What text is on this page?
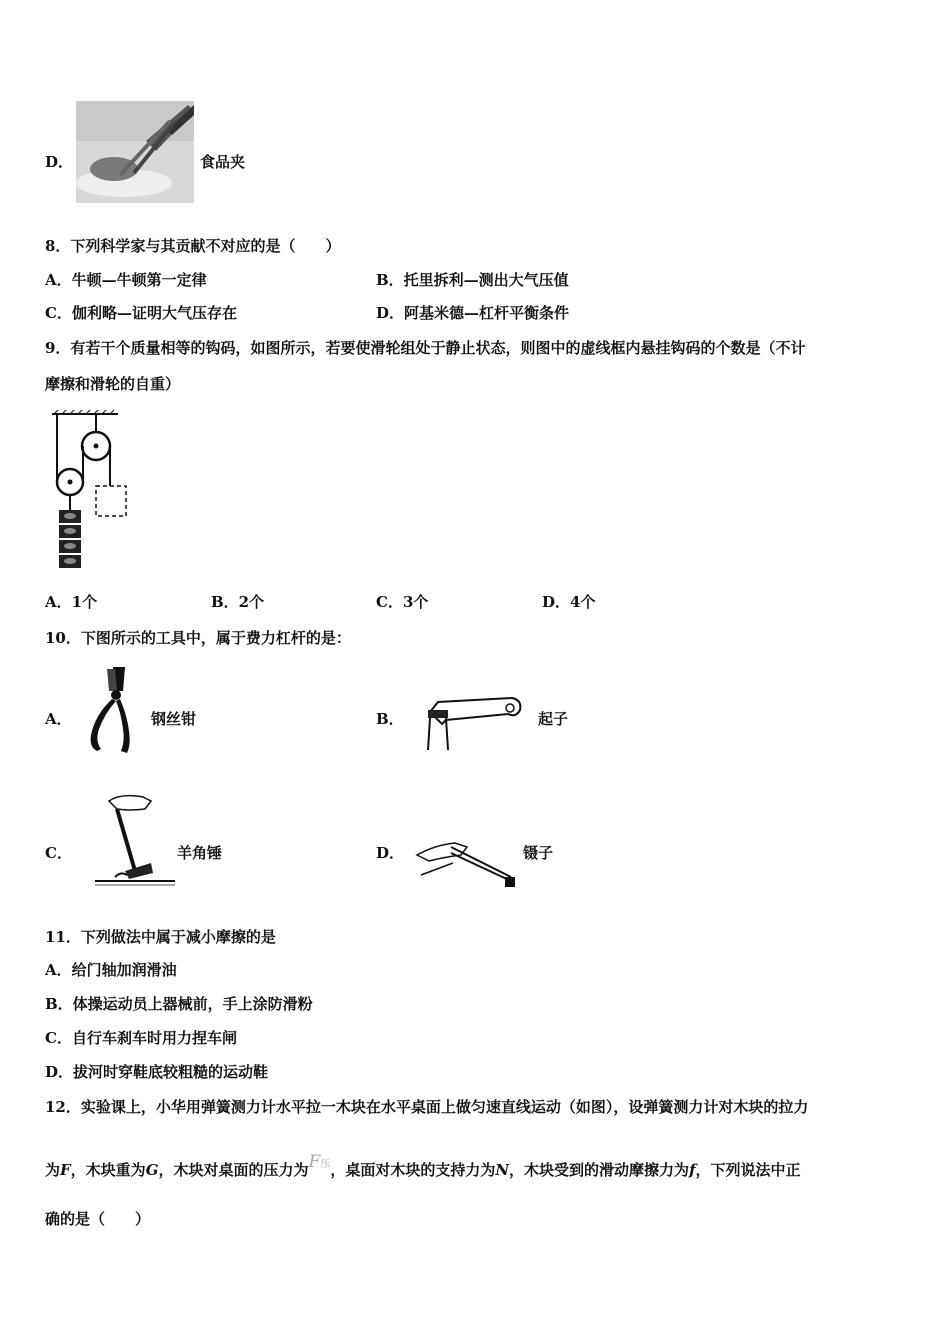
D．	食品夹
8．下列科学家与其贡献不对应的是（　　）
A．牛顿—牛顿第一定律	B．托里拆利—测出大气压值
C．伽利略—证明大气压存在	D．阿基米德—杠杆平衡条件
9．有若干个质量相等的钩码，如图所示，若要使滑轮组处于静止状态，则图中的虚线框内悬挂钩码的个数是（不计
摩擦和滑轮的自重）
A．1个	B．2个	C．3个	D．4个
10．下图所示的工具中，属于费力杠杆的是：
A．	钢丝钳	B．	起子
C．	羊角锤	D．	镊子
11．下列做法中属于减小摩擦的是
A．给门轴加润滑油
B．体操运动员上器械前，手上涂防滑粉
C．自行车刹车时用力捏车闸
D．拔河时穿鞋底较粗糙的运动鞋
12．实验课上，小华用弹簧测力计水平拉一木块在水平桌面上做匀速直线运动（如图），设弹簧测力计对木块的拉力
为F，木块重为G，木块对桌面的压力为F压，桌面对木块的支持力为N，木块受到的滑动摩擦力为f，下列说法中正
确的是（　　）
